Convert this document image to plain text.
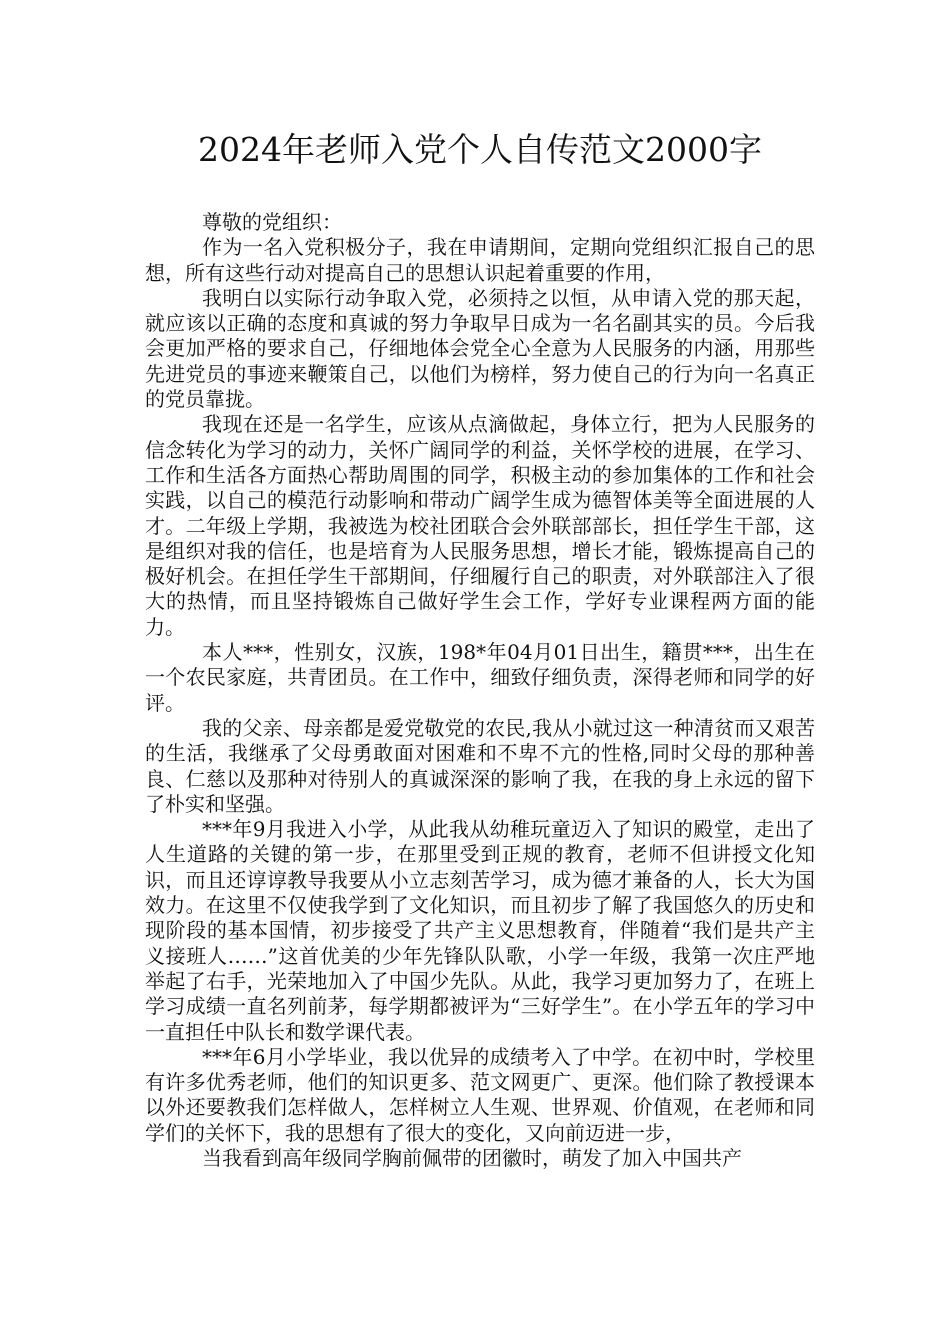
2024年老师入党个人自传范文2000字

尊敬的党组织：

作为一名入党积极分子，我在申请期间，定期向党组织汇报自己的思想，所有这些行动对提高自己的思想认识起着重要的作用，

我明白以实际行动争取入党，必须持之以恒，从申请入党的那天起，就应该以正确的态度和真诚的努力争取早日成为一名名副其实的员。今后我会更加严格的要求自己，仔细地体会党全心全意为人民服务的内涵，用那些先进党员的事迹来鞭策自己，以他们为榜样，努力使自己的行为向一名真正的党员靠拢。

我现在还是一名学生，应该从点滴做起，身体立行，把为人民服务的信念转化为学习的动力，关怀广阔同学的利益，关怀学校的进展，在学习、工作和生活各方面热心帮助周围的同学，积极主动的参加集体的工作和社会实践，以自己的模范行动影响和带动广阔学生成为德智体美等全面进展的人才。二年级上学期，我被选为校社团联合会外联部部长，担任学生干部，这是组织对我的信任，也是培育为人民服务思想，增长才能，锻炼提高自己的极好机会。在担任学生干部期间，仔细履行自己的职责，对外联部注入了很大的热情，而且坚持锻炼自己做好学生会工作，学好专业课程两方面的能力。

本人***，性别女，汉族，198*年04月01日出生，籍贯***，出生在一个农民家庭，共青团员。在工作中，细致仔细负责，深得老师和同学的好评。

我的父亲、母亲都是爱党敬党的农民,我从小就过这一种清贫而又艰苦的生活，我继承了父母勇敢面对困难和不卑不亢的性格,同时父母的那种善良、仁慈以及那种对待别人的真诚深深的影响了我，在我的身上永远的留下了朴实和坚强。

***年9月我进入小学，从此我从幼稚玩童迈入了知识的殿堂，走出了人生道路的关键的第一步，在那里受到正规的教育，老师不但讲授文化知识，而且还谆谆教导我要从小立志刻苦学习，成为德才兼备的人，长大为国效力。在这里不仅使我学到了文化知识，而且初步了解了我国悠久的历史和现阶段的基本国情，初步接受了共产主义思想教育，伴随着“我们是共产主义接班人……”这首优美的少年先锋队队歌，小学一年级，我第一次庄严地举起了右手，光荣地加入了中国少先队。从此，我学习更加努力了，在班上学习成绩一直名列前茅，每学期都被评为“三好学生”。在小学五年的学习中一直担任中队长和数学课代表。

***年6月小学毕业，我以优异的成绩考入了中学。在初中时，学校里有许多优秀老师，他们的知识更多、范文网更广、更深。他们除了教授课本以外还要教我们怎样做人，怎样树立人生观、世界观、价值观，在老师和同学们的关怀下，我的思想有了很大的变化，又向前迈进一步，

当我看到高年级同学胸前佩带的团徽时，萌发了加入中国共产
